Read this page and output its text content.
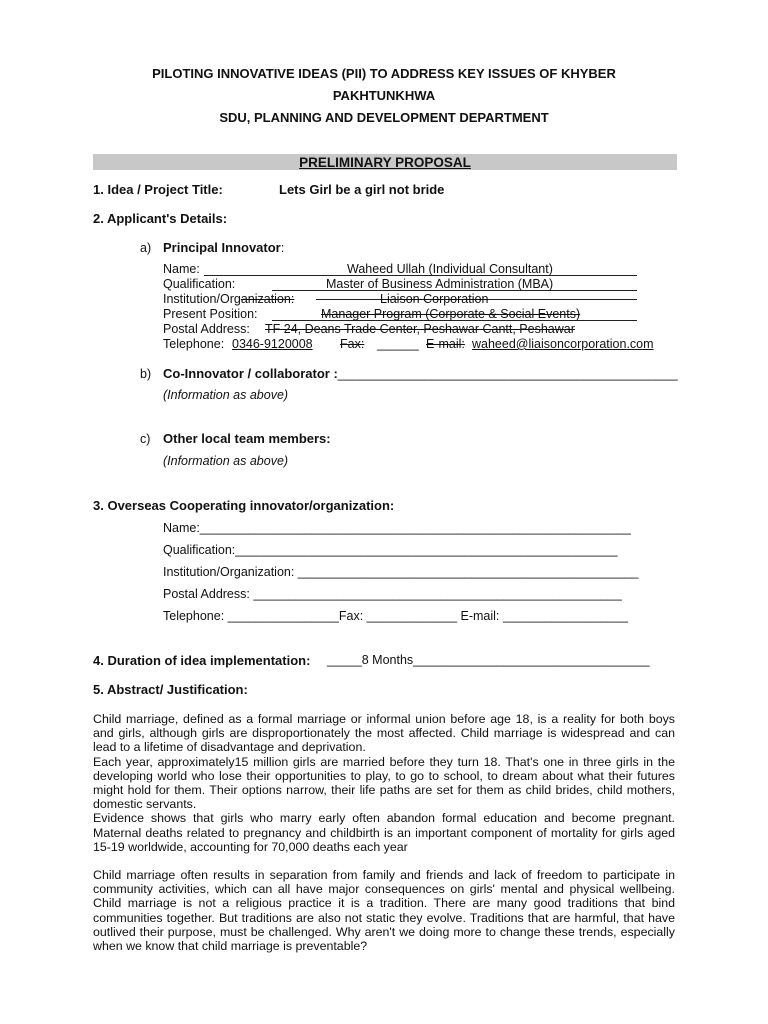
PILOTING INNOVATIVE IDEAS (PII) TO ADDRESS KEY ISSUES OF KHYBER
PAKHTUNKHWA
SDU, PLANNING AND DEVELOPMENT DEPARTMENT
PRELIMINARY PROPOSAL
1. Idea / Project Title:	Lets Girl be a girl not bride
2. Applicant's Details:
a) Principal Innovator:
Name:	Waheed Ullah (Individual Consultant)
Qualification:	Master of Business Administration (MBA)
Institution/Organization:	Liaison Corporation
Present Position:	Manager Program (Corporate & Social Events)
Postal Address: TF 24, Deans Trade Center, Peshawar Cantt, Peshawar
Telephone: 0346-9120008 Fax: ______ E-mail: waheed@liaisoncorporation.com
b) Co-Innovator / collaborator :_______________________________________________
(Information as above)
c) Other local team members:
(Information as above)
3. Overseas Cooperating innovator/organization:
Name:______________________________________________________________
Qualification:_______________________________________________________
Institution/Organization: _________________________________________________
Postal Address: _____________________________________________________
Telephone: ________________Fax: _____________ E-mail: __________________
4. Duration of idea implementation: _____8 Months__________________________________
5. Abstract/ Justification:

Child marriage, defined as a formal marriage or informal union before age 18, is a reality for both boys and girls, although girls are disproportionately the most affected. Child marriage is widespread and can lead to a lifetime of disadvantage and deprivation.

Each year, approximately15 million girls are married before they turn 18. That's one in three girls in the developing world who lose their opportunities to play, to go to school, to dream about what their futures might hold for them. Their options narrow, their life paths are set for them as child brides, child mothers, domestic servants.

Evidence shows that girls who marry early often abandon formal education and become pregnant. Maternal deaths related to pregnancy and childbirth is an important component of mortality for girls aged 15-19 worldwide, accounting for 70,000 deaths each year

Child marriage often results in separation from family and friends and lack of freedom to participate in community activities, which can all have major consequences on girls' mental and physical wellbeing. Child marriage is not a religious practice it is a tradition. There are many good traditions that bind communities together. But traditions are also not static they evolve. Traditions that are harmful, that have outlived their purpose, must be challenged. Why aren't we doing more to change these trends, especially when we know that child marriage is preventable?
